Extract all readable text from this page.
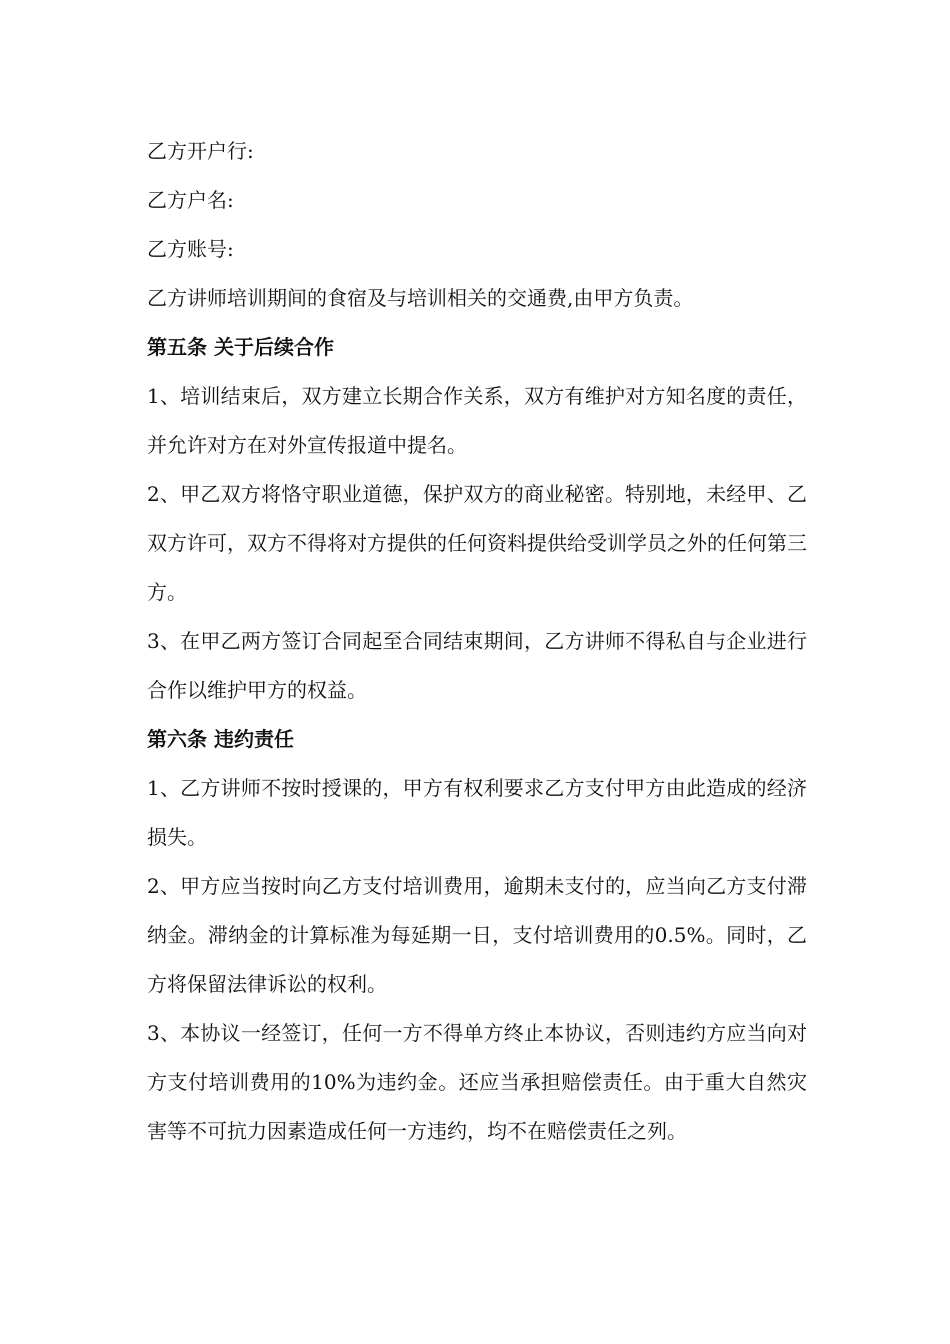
乙方开户行:

乙方户名:

乙方账号:

乙方讲师培训期间的食宿及与培训相关的交通费,由甲方负责。

第五条 关于后续合作

1、培训结束后，双方建立长期合作关系，双方有维护对方知名度的责任，并允许对方在对外宣传报道中提名。

2、甲乙双方将恪守职业道德，保护双方的商业秘密。特别地，未经甲、乙双方许可，双方不得将对方提供的任何资料提供给受训学员之外的任何第三方。

3、在甲乙两方签订合同起至合同结束期间，乙方讲师不得私自与企业进行合作以维护甲方的权益。

第六条 违约责任

1、乙方讲师不按时授课的，甲方有权利要求乙方支付甲方由此造成的经济损失。

2、甲方应当按时向乙方支付培训费用，逾期未支付的，应当向乙方支付滞纳金。滞纳金的计算标准为每延期一日，支付培训费用的0.5%。同时，乙方将保留法律诉讼的权利。

3、本协议一经签订，任何一方不得单方终止本协议，否则违约方应当向对方支付培训费用的10%为违约金。还应当承担赔偿责任。由于重大自然灾害等不可抗力因素造成任何一方违约，均不在赔偿责任之列。
